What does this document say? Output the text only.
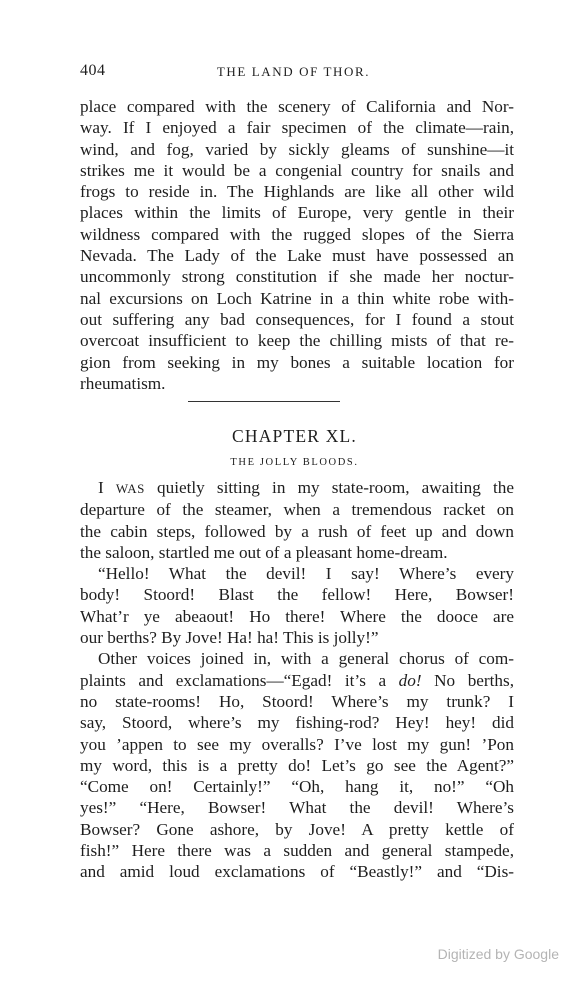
404	THE LAND OF THOR.
place compared with the scenery of California and Nor-
way. If I enjoyed a fair specimen of the climate—rain,
wind, and fog, varied by sickly gleams of sunshine—it
strikes me it would be a congenial country for snails and
frogs to reside in. The Highlands are like all other wild
places within the limits of Europe, very gentle in their
wildness compared with the rugged slopes of the Sierra
Nevada. The Lady of the Lake must have possessed an
uncommonly strong constitution if she made her noctur-
nal excursions on Loch Katrine in a thin white robe with-
out suffering any bad consequences, for I found a stout
overcoat insufficient to keep the chilling mists of that re-
gion from seeking in my bones a suitable location for
rheumatism.
CHAPTER XL.
THE JOLLY BLOODS.
I WAS quietly sitting in my state-room, awaiting the
departure of the steamer, when a tremendous racket on
the cabin steps, followed by a rush of feet up and down
the saloon, startled me out of a pleasant home-dream.
“Hello! What the devil! I say! Where’s every
body! Stoord! Blast the fellow! Here, Bowser!
What’r ye abeaout! Ho there! Where the dooce are
our berths? By Jove! Ha! ha! This is jolly!”
Other voices joined in, with a general chorus of com-
plaints and exclamations—“Egad! it’s a do! No berths,
no state-rooms! Ho, Stoord! Where’s my trunk? I
say, Stoord, where’s my fishing-rod? Hey! hey! did
you ’appen to see my overalls? I’ve lost my gun! ’Pon
my word, this is a pretty do! Let’s go see the Agent?”
“Come on! Certainly!” “Oh, hang it, no!” “Oh
yes!” “Here, Bowser! What the devil! Where’s
Bowser? Gone ashore, by Jove! A pretty kettle of
fish!” Here there was a sudden and general stampede,
and amid loud exclamations of “Beastly!” and “Dis-
Digitized by Google
